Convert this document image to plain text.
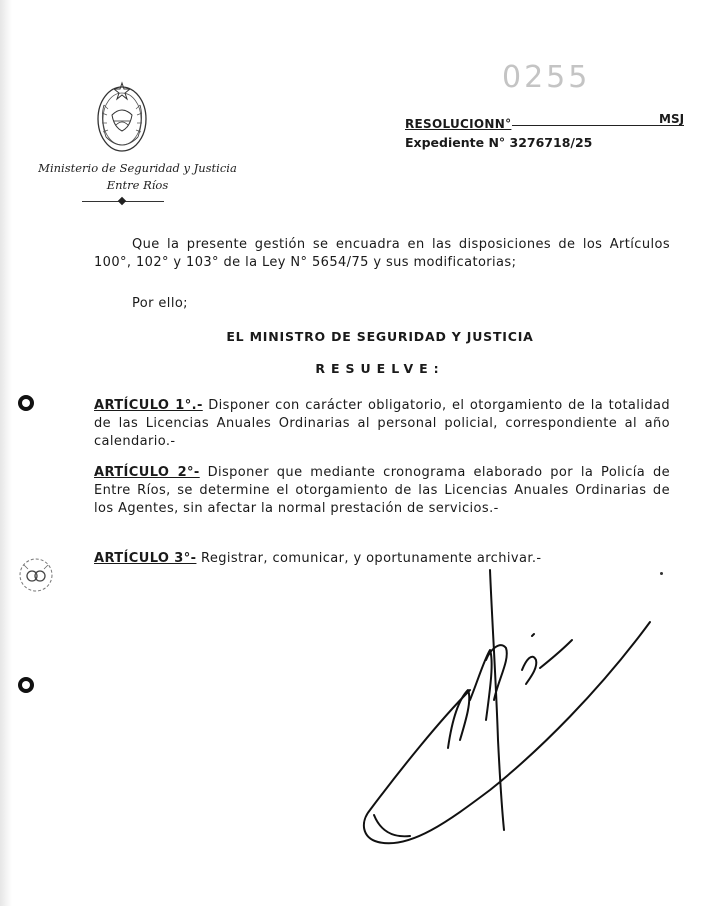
Ministerio de Seguridad y Justicia
Entre Ríos
0255
RESOLUCIONN°	MSJ
Expediente N° 3276718/25
Que la presente gestión se encuadra en las disposiciones de los Artículos 100°, 102° y 103° de la Ley N° 5654/75 y sus modificatorias;
Por ello;
EL MINISTRO DE SEGURIDAD Y JUSTICIA
RESUELVE:
ARTÍCULO 1°.- Disponer con carácter obligatorio, el otorgamiento de la totalidad de las Licencias Anuales Ordinarias al personal policial, correspondiente al año calendario.-
ARTÍCULO 2°- Disponer que mediante cronograma elaborado por la Policía de Entre Ríos, se determine el otorgamiento de las Licencias Anuales Ordinarias de los Agentes, sin afectar la normal prestación de servicios.-
ARTÍCULO 3°- Registrar, comunicar, y oportunamente archivar.-
